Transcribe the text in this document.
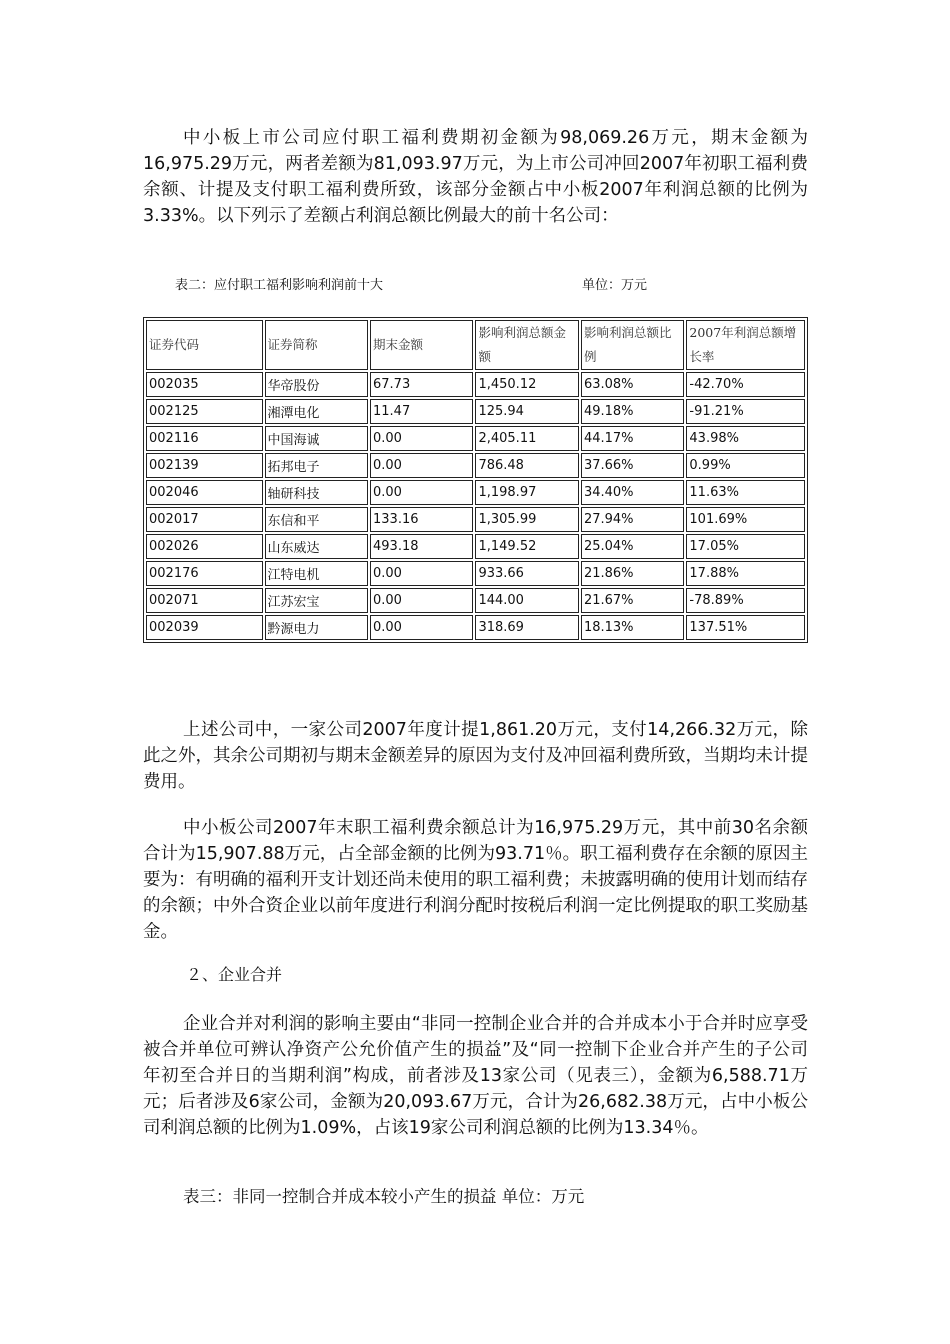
中小板上市公司应付职工福利费期初金额为98,069.26万元，期末金额为16,975.29万元，两者差额为81,093.97万元，为上市公司冲回2007年初职工福利费余额、计提及支付职工福利费所致，该部分金额占中小板2007年利润总额的比例为3.33%。以下列示了差额占利润总额比例最大的前十名公司：

表二：应付职工福利影响利润前十大	单位：万元
证券代码	证券简称	期末金额	影响利润总额金额	影响利润总额比例	2007年利润总额增长率
002035	华帝股份	67.73	1,450.12	63.08%	-42.70%
002125	湘潭电化	11.47	125.94	49.18%	-91.21%
002116	中国海诚	0.00	2,405.11	44.17%	43.98%
002139	拓邦电子	0.00	786.48	37.66%	0.99%
002046	轴研科技	0.00	1,198.97	34.40%	11.63%
002017	东信和平	133.16	1,305.99	27.94%	101.69%
002026	山东威达	493.18	1,149.52	25.04%	17.05%
002176	江特电机	0.00	933.66	21.86%	17.88%
002071	江苏宏宝	0.00	144.00	21.67%	-78.89%
002039	黔源电力	0.00	318.69	18.13%	137.51%

上述公司中，一家公司2007年度计提1,861.20万元，支付14,266.32万元，除此之外，其余公司期初与期末金额差异的原因为支付及冲回福利费所致，当期均未计提费用。

中小板公司2007年末职工福利费余额总计为16,975.29万元，其中前30名余额合计为15,907.88万元，占全部金额的比例为93.71％。职工福利费存在余额的原因主要为：有明确的福利开支计划还尚未使用的职工福利费；未披露明确的使用计划而结存的余额；中外合资企业以前年度进行利润分配时按税后利润一定比例提取的职工奖励基金。

２、企业合并

企业合并对利润的影响主要由“非同一控制企业合并的合并成本小于合并时应享受被合并单位可辨认净资产公允价值产生的损益”及“同一控制下企业合并产生的子公司年初至合并日的当期利润”构成，前者涉及13家公司（见表三），金额为6,588.71万元；后者涉及6家公司，金额为20,093.67万元，合计为26,682.38万元，占中小板公司利润总额的比例为1.09%，占该19家公司利润总额的比例为13.34％。

表三：非同一控制合并成本较小产生的损益 单位：万元
